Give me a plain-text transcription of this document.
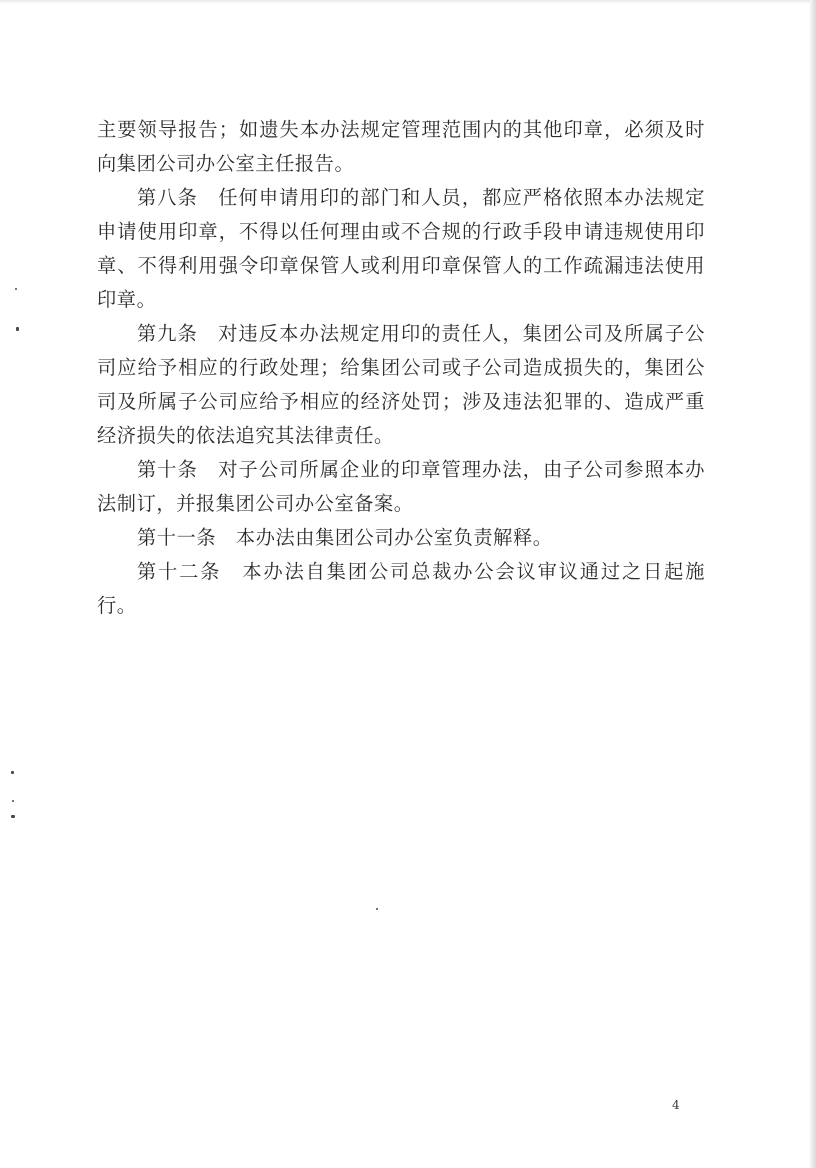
主要领导报告；如遗失本办法规定管理范围内的其他印章，必须及时向集团公司办公室主任报告。

第八条　任何申请用印的部门和人员，都应严格依照本办法规定申请使用印章，不得以任何理由或不合规的行政手段申请违规使用印章、不得利用强令印章保管人或利用印章保管人的工作疏漏违法使用印章。

第九条　对违反本办法规定用印的责任人，集团公司及所属子公司应给予相应的行政处理；给集团公司或子公司造成损失的，集团公司及所属子公司应给予相应的经济处罚；涉及违法犯罪的、造成严重经济损失的依法追究其法律责任。

第十条　对子公司所属企业的印章管理办法，由子公司参照本办法制订，并报集团公司办公室备案。

第十一条　本办法由集团公司办公室负责解释。

第十二条　本办法自集团公司总裁办公会议审议通过之日起施行。

4
